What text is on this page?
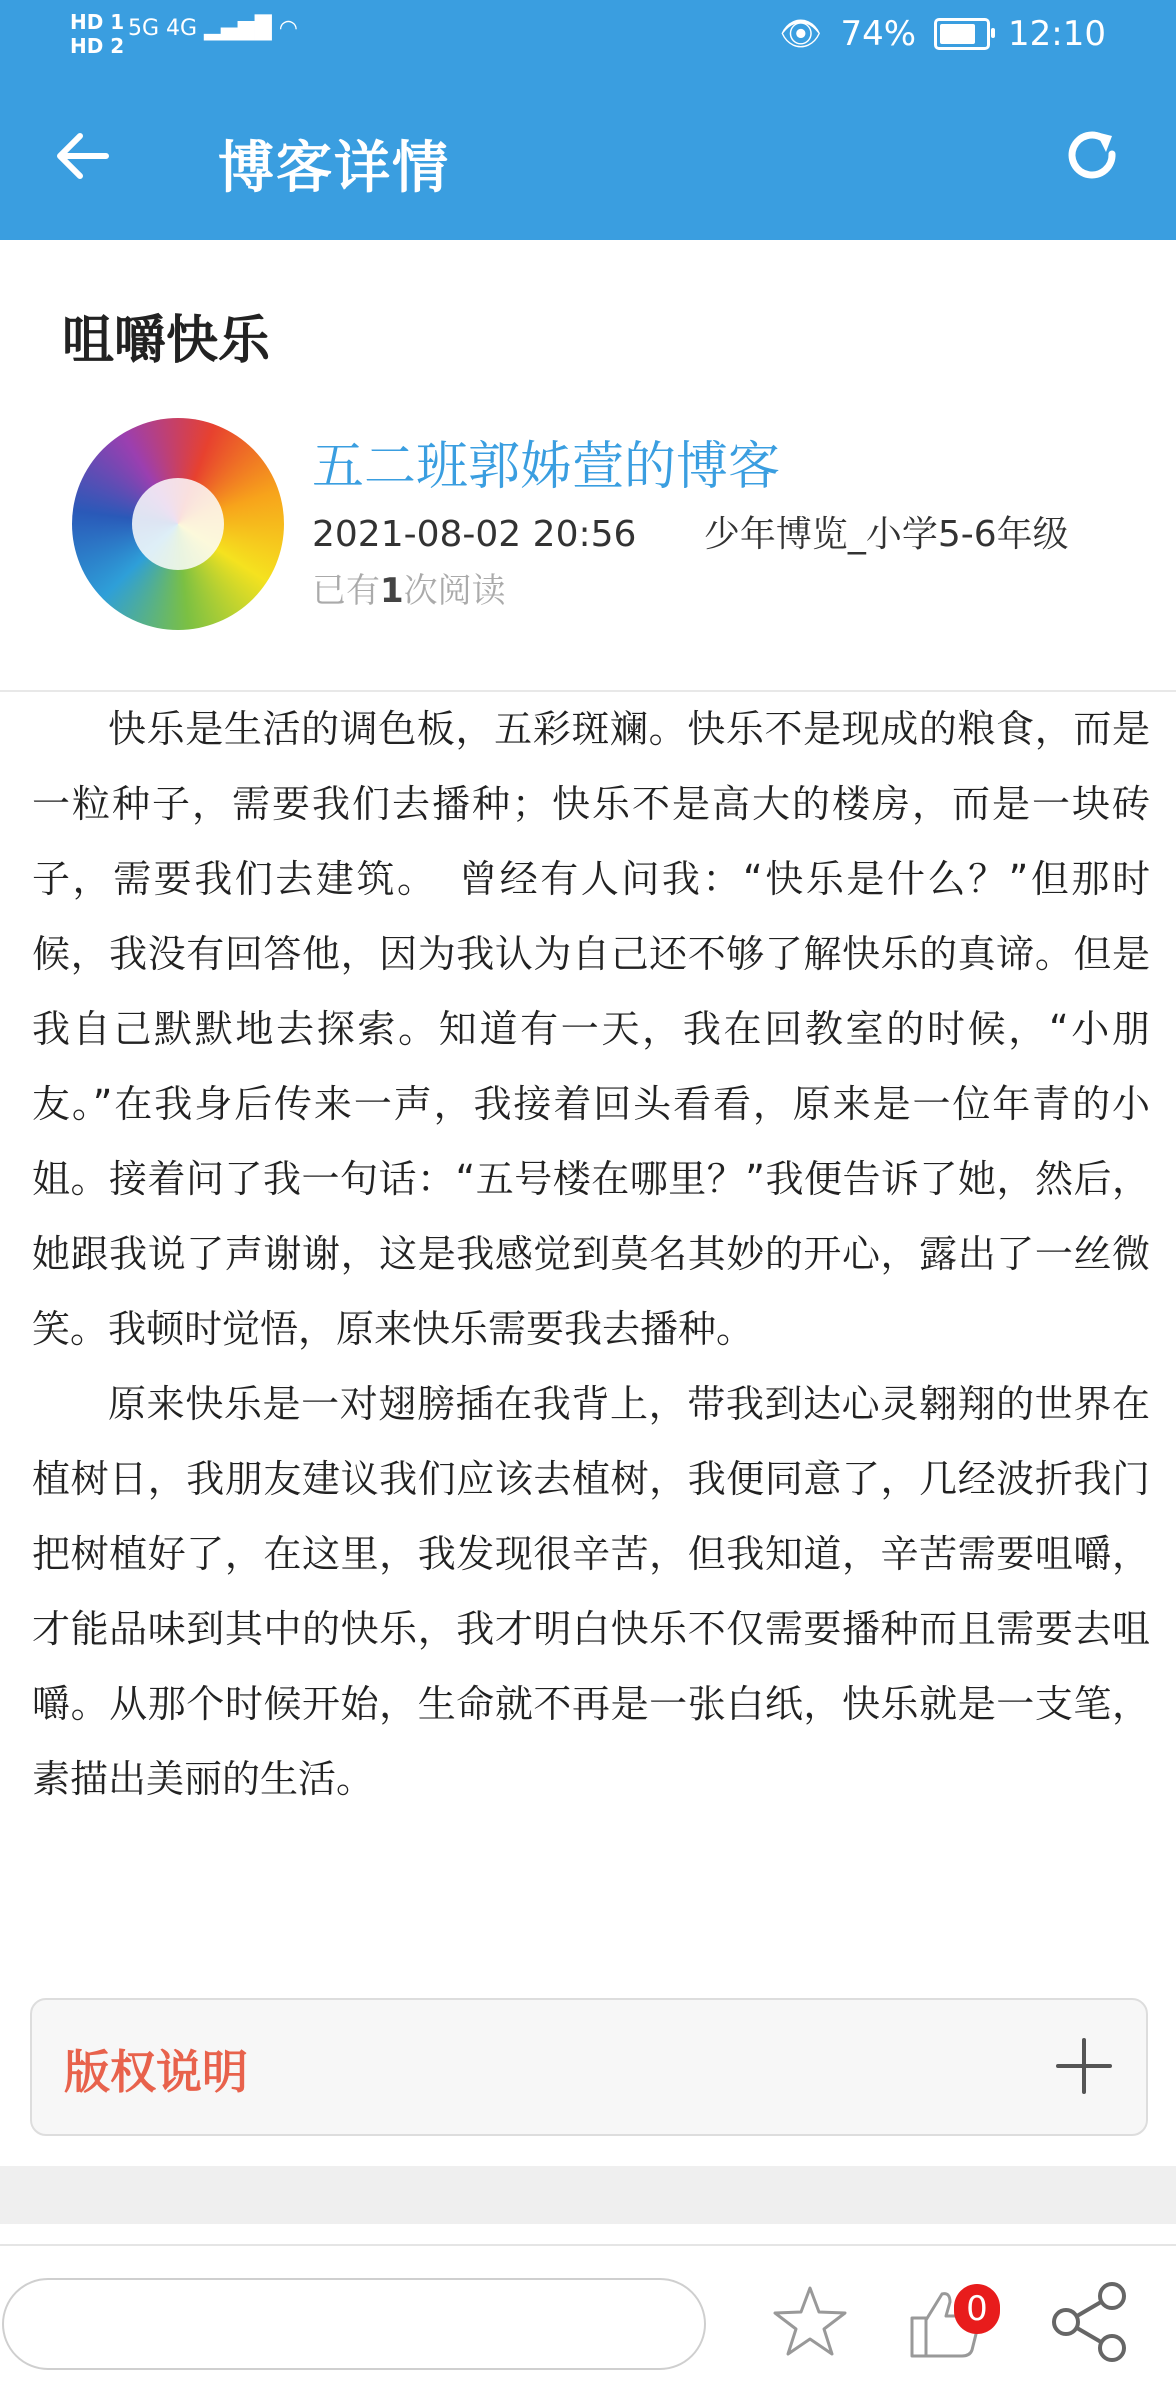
HD 1
HD 2
5G 4G ▂▄▆█ ◠	👁 74%	12:10
博客详情
咀嚼快乐
五二班郭姊萱的博客
2021-08-02 20:56 少年博览_小学5-6年级
已有1次阅读

快乐是生活的调色板，五彩斑斓。快乐不是现成的粮食，而是一粒种子，需要我们去播种；快乐不是高大的楼房，而是一块砖子，需要我们去建筑。　曾经有人问我：“快乐是什么？”但那时候，我没有回答他，因为我认为自己还不够了解快乐的真谛。但是我自己默默地去探索。知道有一天，我在回教室的时候，“小朋友。”在我身后传来一声，我接着回头看看，原来是一位年青的小姐。接着问了我一句话：“五号楼在哪里？”我便告诉了她，然后，她跟我说了声谢谢，这是我感觉到莫名其妙的开心，露出了一丝微笑。我顿时觉悟，原来快乐需要我去播种。

原来快乐是一对翅膀插在我背上，带我到达心灵翱翔的世界在植树日，我朋友建议我们应该去植树，我便同意了，几经波折我门把树植好了，在这里，我发现很辛苦，但我知道，辛苦需要咀嚼，才能品味到其中的快乐，我才明白快乐不仅需要播种而且需要去咀嚼。从那个时候开始，生命就不再是一张白纸，快乐就是一支笔，素描出美丽的生活。

版权说明
0
